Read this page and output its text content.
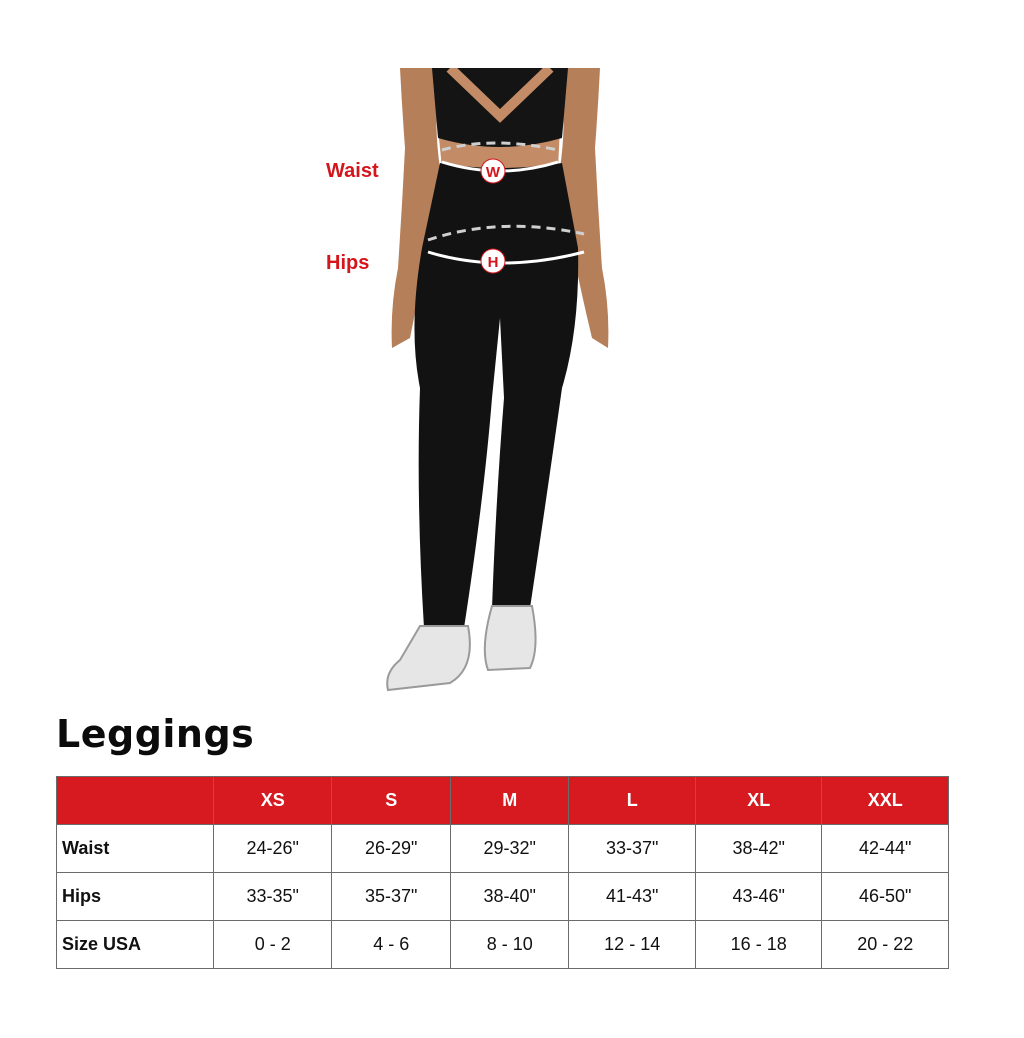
Waist
Hips
W
H
Leggings
	XS	S	M	L	XL	XXL
Waist	24-26"	26-29"	29-32"	33-37"	38-42"	42-44"
Hips	33-35"	35-37"	38-40"	41-43"	43-46"	46-50"
Size USA	0 - 2	4 - 6	8 - 10	12 - 14	16 - 18	20 - 22
